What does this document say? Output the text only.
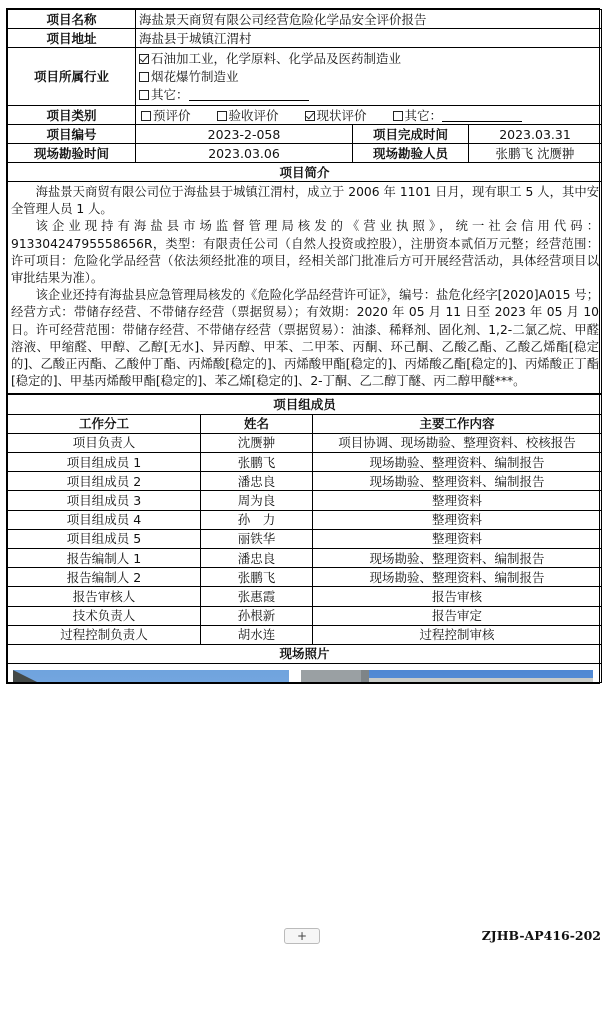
项目名称	海盐景天商贸有限公司经营危险化学品安全评价报告		
项目地址	海盐县于城镇江渭村		
项目所属行业	石油加工业，化学原料、化学品及医药制造业
烟花爆竹制造业
其它：		

项目类别	预评价 验收评价 现状评价 其它：		
项目编号	2023-2-058	项目完成时间	2023.03.31
现场勘验时间	2023.03.06	现场勘验人员	张鹏飞 沈赝翀
项目简介			

海盐景天商贸有限公司位于海盐县于城镇江渭村，成立于 2006 年 1101 日月，现有职工 5 人，其中安全管理人员 1 人。

该企业现持有海盐县市场监督管理局核发的《营业执照》，统一社会信用代码：91330424795558656R，类型：有限责任公司（自然人投资或控股），注册资本贰佰万元整；经营范围：许可项目：危险化学品经营（依法须经批准的项目，经相关部门批准后方可开展经营活动，具体经营项目以审批结果为准）。

该企业还持有海盐县应急管理局核发的《危险化学品经营许可证》，编号：盐危化经字[2020]A015 号；经营方式：带储存经营、不带储存经营（票据贸易）；有效期：2020 年 05 月 11 日至 2023 年 05 月 10 日。许可经营范围：带储存经营、不带储存经营（票据贸易）：油漆、稀释剂、固化剂、1,2-二氯乙烷、甲醛溶液、甲缩醛、甲醇、乙醇[无水]、异丙醇、甲苯、二甲苯、丙酮、环己酮、乙酸乙酯、乙酸乙烯酯[稳定的]、乙酸正丙酯、乙酸仲丁酯、丙烯酸[稳定的]、丙烯酸甲酯[稳定的]、丙烯酸乙酯[稳定的]、丙烯酸正丁酯[稳定的]、甲基丙烯酸甲酯[稳定的]、苯乙烯[稳定的]、2-丁酮、乙二醇丁醚、丙二醇甲醚***。			

项目组成员		
工作分工	姓名	主要工作内容
项目负责人	沈赝翀	项目协调、现场勘验、整理资料、校核报告
项目组成员 1	张鹏飞	现场勘验、整理资料、编制报告
项目组成员 2	潘忠良	现场勘验、整理资料、编制报告
项目组成员 3	周为良	整理资料
项目组成员 4	孙　力	整理资料
项目组成员 5	丽铁华	整理资料
报告编制人 1	潘忠良	现场勘验、整理资料、编制报告
报告编制人 2	张鹏飞	现场勘验、整理资料、编制报告
报告审核人	张惠霞	报告审核
技术负责人	孙根新	报告审定
过程控制负责人	胡水连	过程控制审核
现场照片		

+	ZJHB-AP416-202
